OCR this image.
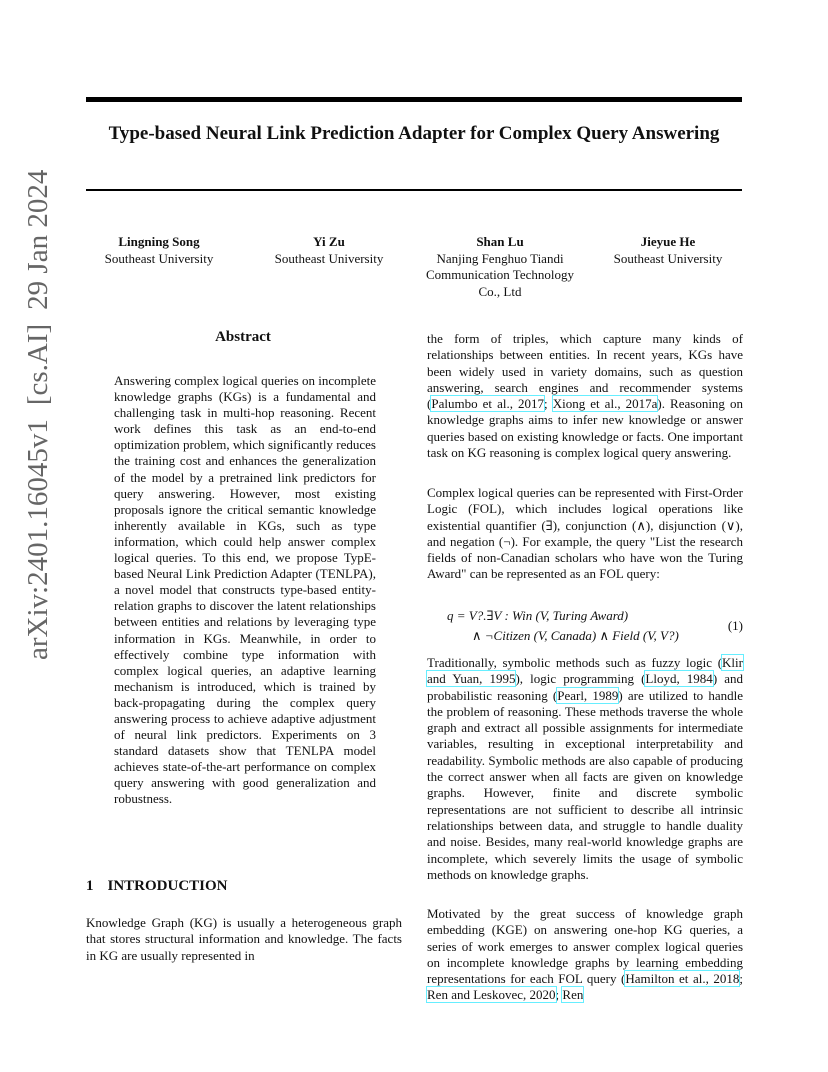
arXiv:2401.16045v1[cs.AI]29 Jan 2024
Type-based Neural Link Prediction Adapter for Complex Query Answering
Lingning Song
Southeast University
Yi Zu
Southeast University
Shan Lu
Nanjing Fenghuo Tiandi Communication Technology Co., Ltd
Jieyue He
Southeast University
Abstract

Answering complex logical queries on incomplete knowledge graphs (KGs) is a fundamental and challenging task in multi-hop reasoning. Recent work defines this task as an end-to-end optimization problem, which significantly reduces the training cost and enhances the generalization of the model by a pretrained link predictors for query answering. However, most existing proposals ignore the critical semantic knowledge inherently available in KGs, such as type information, which could help answer complex logical queries. To this end, we propose TypE-based Neural Link Prediction Adapter (TENLPA), a novel model that constructs type-based entity-relation graphs to discover the latent relationships between entities and relations by leveraging type information in KGs. Meanwhile, in order to effectively combine type information with complex logical queries, an adaptive learning mechanism is introduced, which is trained by back-propagating during the complex query answering process to achieve adaptive adjustment of neural link predictors. Experiments on 3 standard datasets show that TENLPA model achieves state-of-the-art performance on complex query answering with good generalization and robustness.

1 INTRODUCTION

Knowledge Graph (KG) is usually a heterogeneous graph that stores structural information and knowledge. The facts in KG are usually represented in

the form of triples, which capture many kinds of relationships between entities. In recent years, KGs have been widely used in variety domains, such as question answering, search engines and recommender systems (Palumbo et al., 2017; Xiong et al., 2017a). Reasoning on knowledge graphs aims to infer new knowledge or answer queries based on existing knowledge or facts. One important task on KG reasoning is complex logical query answering.

Complex logical queries can be represented with First-Order Logic (FOL), which includes logical operations like existential quantifier (∃), conjunction (∧), disjunction (∨), and negation (¬). For example, the query "List the research fields of non-Canadian scholars who have won the Turing Award" can be represented as an FOL query:

q = V?.∃V : Win (V, Turing Award)
∧ ¬Citizen (V, Canada) ∧ Field (V, V?)
(1)

Traditionally, symbolic methods such as fuzzy logic (Klir and Yuan, 1995), logic programming (Lloyd, 1984) and probabilistic reasoning (Pearl, 1989) are utilized to handle the problem of reasoning. These methods traverse the whole graph and extract all possible assignments for intermediate variables, resulting in exceptional interpretability and readability. Symbolic methods are also capable of producing the correct answer when all facts are given on knowledge graphs. However, finite and discrete symbolic representations are not sufficient to describe all intrinsic relationships between data, and struggle to handle duality and noise. Besides, many real-world knowledge graphs are incomplete, which severely limits the usage of symbolic methods on knowledge graphs.

Motivated by the great success of knowledge graph embedding (KGE) on answering one-hop KG queries, a series of work emerges to answer complex logical queries on incomplete knowledge graphs by learning embedding representations for each FOL query (Hamilton et al., 2018; Ren and Leskovec, 2020; Ren
